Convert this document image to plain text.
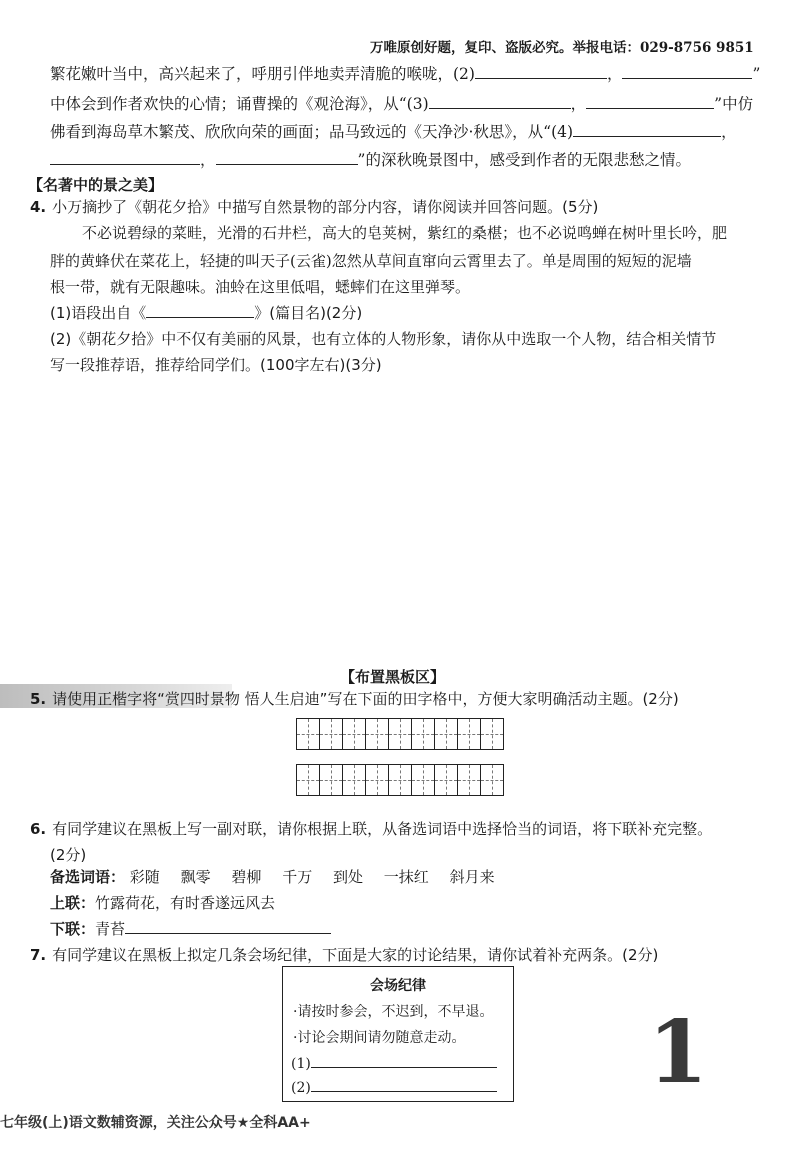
万唯原创好题，复印、盗版必究。举报电话：029-8756 9851
繁花嫩叶当中，高兴起来了，呼朋引伴地卖弄清脆的喉咙，(2)	，	”
中体会到作者欢快的心情；诵曹操的《观沧海》，从“(3)	，	”中仿
佛看到海岛草木繁茂、欣欣向荣的画面；品马致远的《天净沙·秋思》，从“(4)	，
，	”的深秋晚景图中，感受到作者的无限悲愁之情。
【名著中的景之美】
4. 小万摘抄了《朝花夕拾》中描写自然景物的部分内容，请你阅读并回答问题。(5分)
不必说碧绿的菜畦，光滑的石井栏，高大的皂荚树，紫红的桑椹；也不必说鸣蝉在树叶里长吟，肥
胖的黄蜂伏在菜花上，轻捷的叫天子(云雀)忽然从草间直窜向云霄里去了。单是周围的短短的泥墙
根一带，就有无限趣味。油蛉在这里低唱，蟋蟀们在这里弹琴。
(1)语段出自《	》(篇目名)(2分)
(2)《朝花夕拾》中不仅有美丽的风景，也有立体的人物形象，请你从中选取一个人物，结合相关情节
写一段推荐语，推荐给同学们。(100字左右)(3分)
【布置黑板区】
5. 请使用正楷字将“赏四时景物 悟人生启迪”写在下面的田字格中，方便大家明确活动主题。(2分)
6. 有同学建议在黑板上写一副对联，请你根据上联，从备选词语中选择恰当的词语，将下联补充完整。
(2分)
备选词语： 彩随 飘零 碧柳 千万 到处 一抹红 斜月来
上联：竹露荷花，有时香遂远风去
下联：青苔
7. 有同学建议在黑板上拟定几条会场纪律，下面是大家的讨论结果，请你试着补充两条。(2分)
会场纪律
·请按时参会，不迟到，不早退。
·讨论会期间请勿随意走动。
(1)
(2)	1
七年级(上)语文数辅资源，关注公众号★全科AA+
